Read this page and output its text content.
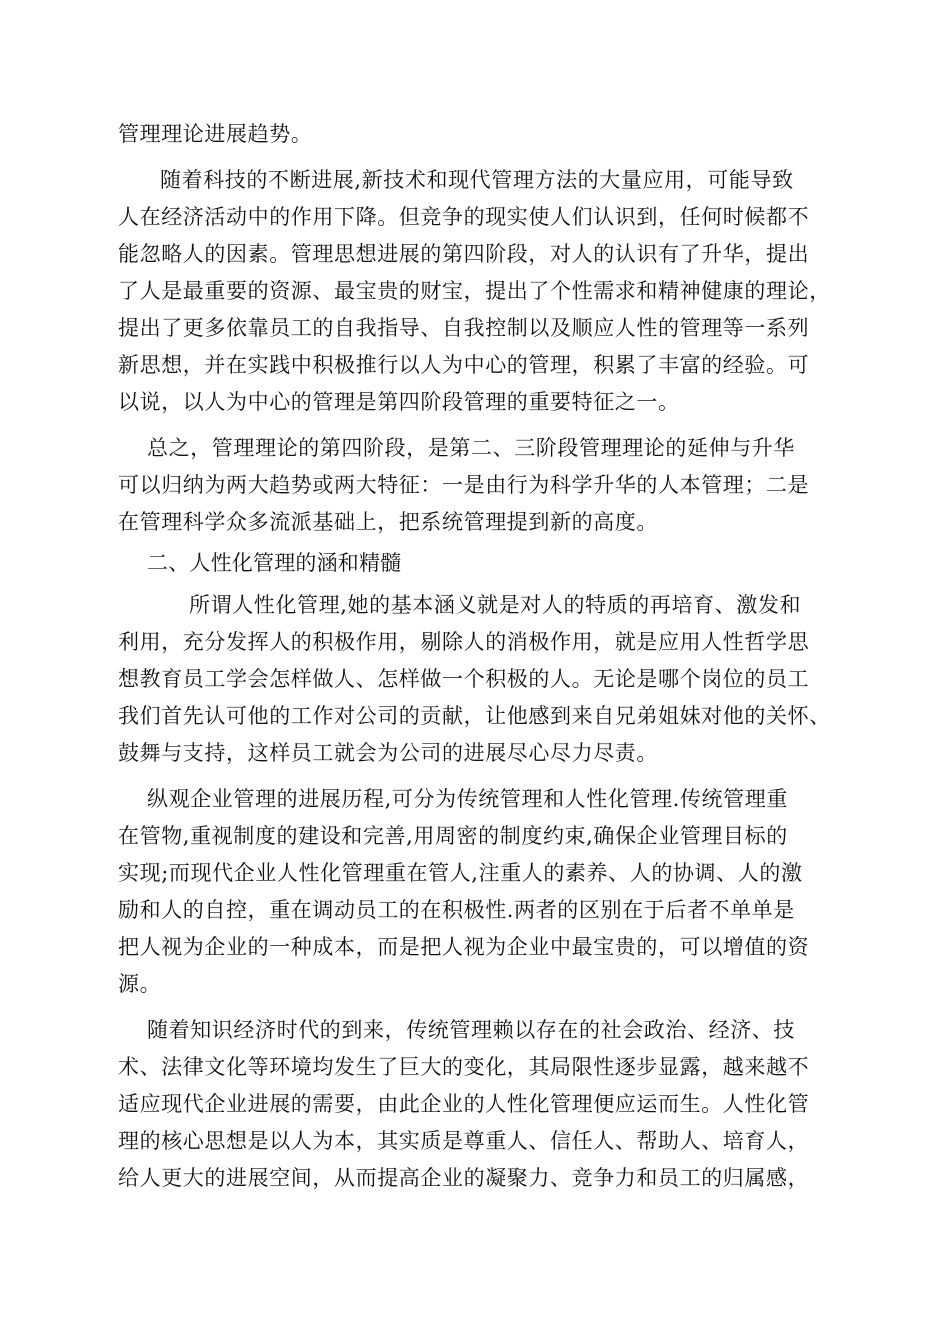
管理理论进展趋势。
随着科技的不断进展,新技术和现代管理方法的大量应用，可能导致
人在经济活动中的作用下降。但竞争的现实使人们认识到，任何时候都不
能忽略人的因素。管理思想进展的第四阶段，对人的认识有了升华，提出
了人是最重要的资源、最宝贵的财宝，提出了个性需求和精神健康的理论，
提出了更多依靠员工的自我指导、自我控制以及顺应人性的管理等一系列
新思想，并在实践中积极推行以人为中心的管理，积累了丰富的经验。可
以说，以人为中心的管理是第四阶段管理的重要特征之一。
总之，管理理论的第四阶段，是第二、三阶段管理理论的延伸与升华
可以归纳为两大趋势或两大特征：一是由行为科学升华的人本管理；二是
在管理科学众多流派基础上，把系统管理提到新的高度。
二、人性化管理的涵和精髓
所谓人性化管理,她的基本涵义就是对人的特质的再培育、激发和
利用，充分发挥人的积极作用，剔除人的消极作用，就是应用人性哲学思
想教育员工学会怎样做人、怎样做一个积极的人。无论是哪个岗位的员工
我们首先认可他的工作对公司的贡献，让他感到来自兄弟姐妹对他的关怀、
鼓舞与支持，这样员工就会为公司的进展尽心尽力尽责。
纵观企业管理的进展历程,可分为传统管理和人性化管理.传统管理重
在管物,重视制度的建设和完善,用周密的制度约束,确保企业管理目标的
实现;而现代企业人性化管理重在管人,注重人的素养、人的协调、人的激
励和人的自控，重在调动员工的在积极性.两者的区别在于后者不单单是
把人视为企业的一种成本，而是把人视为企业中最宝贵的，可以增值的资
源。
随着知识经济时代的到来，传统管理赖以存在的社会政治、经济、技
术、法律文化等环境均发生了巨大的变化，其局限性逐步显露，越来越不
适应现代企业进展的需要，由此企业的人性化管理便应运而生。人性化管
理的核心思想是以人为本，其实质是尊重人、信任人、帮助人、培育人，
给人更大的进展空间，从而提高企业的凝聚力、竞争力和员工的归属感，
